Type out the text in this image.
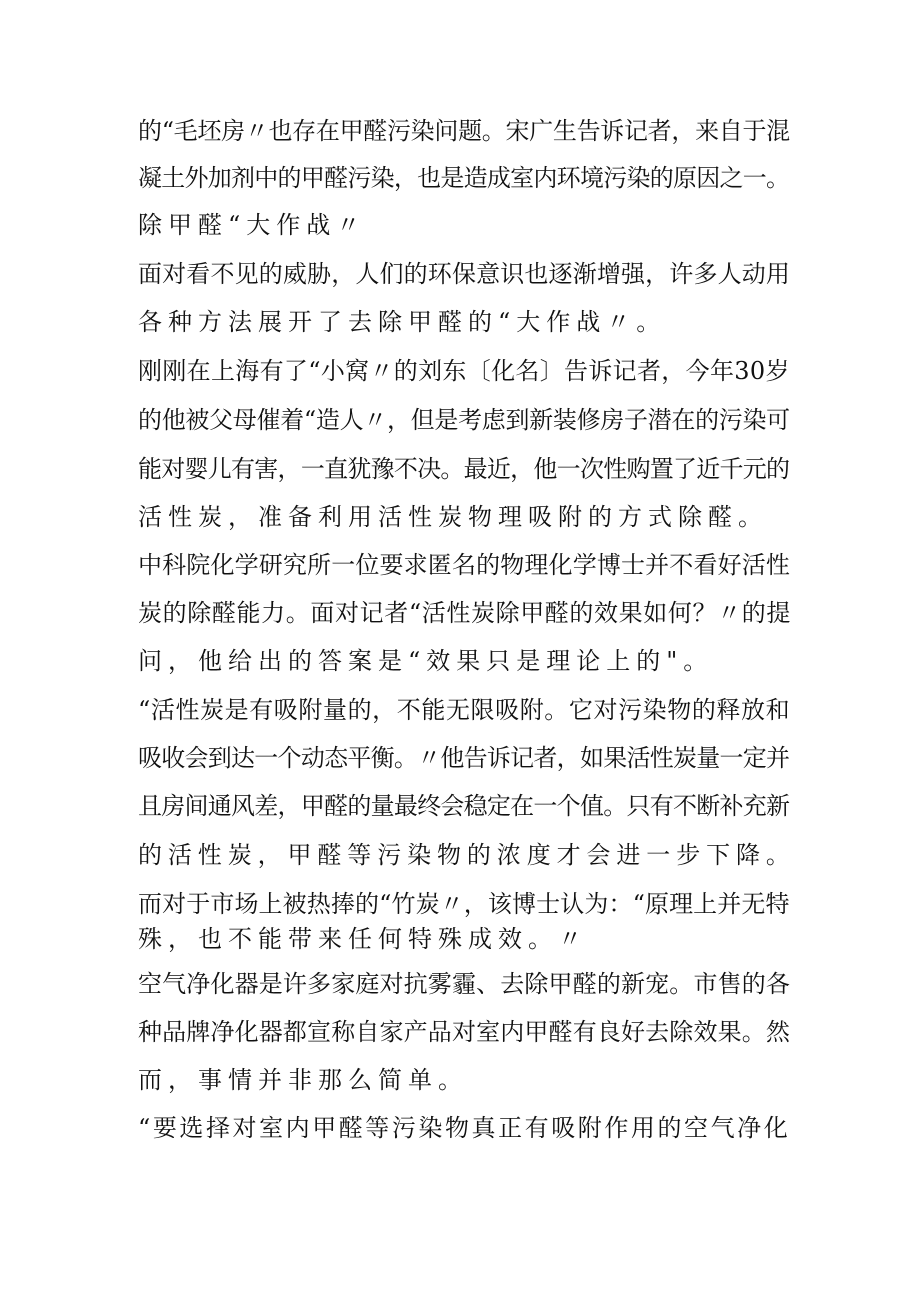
的“毛坯房〃也存在甲醛污染问题。宋广生告诉记者，来自于混
凝土外加剂中的甲醛污染，也是造成室内环境污染的原因之一。
除甲醛“大作战〃
面对看不见的威胁，人们的环保意识也逐渐增强，许多人动用
各种方法展开了去除甲醛的“大作战〃。
刚刚在上海有了“小窝〃的刘东〔化名〕告诉记者，今年30岁
的他被父母催着“造人〃，但是考虑到新装修房子潜在的污染可
能对婴儿有害，一直犹豫不决。最近，他一次性购置了近千元的
活性炭，准备利用活性炭物理吸附的方式除醛。
中科院化学研究所一位要求匿名的物理化学博士并不看好活性
炭的除醛能力。面对记者“活性炭除甲醛的效果如何？〃的提
问，他给出的答案是“效果只是理论上的"。
“活性炭是有吸附量的，不能无限吸附。它对污染物的释放和
吸收会到达一个动态平衡。〃他告诉记者，如果活性炭量一定并
且房间通风差，甲醛的量最终会稳定在一个值。只有不断补充新
的活性炭，甲醛等污染物的浓度才会进一步下降。
而对于市场上被热捧的“竹炭〃，该博士认为：“原理上并无特
殊，也不能带来任何特殊成效。〃
空气净化器是许多家庭对抗雾霾、去除甲醛的新宠。市售的各
种品牌净化器都宣称自家产品对室内甲醛有良好去除效果。然
而，事情并非那么简单。
“要选择对室内甲醛等污染物真正有吸附作用的空气净化
